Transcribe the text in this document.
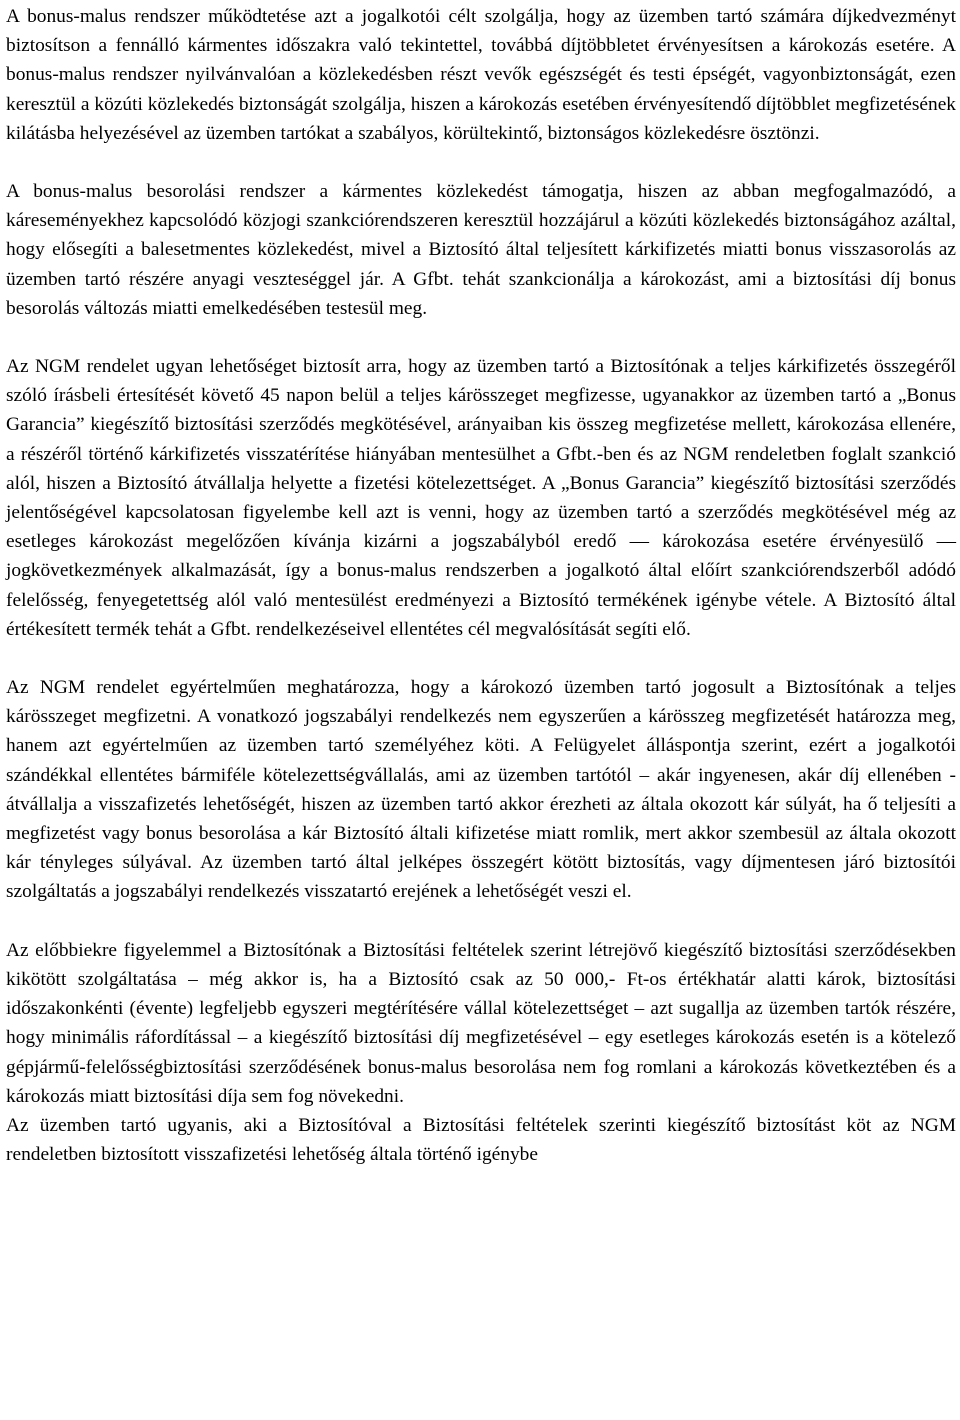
A bonus-malus rendszer működtetése azt a jogalkotói célt szolgálja, hogy az üzemben tartó számára díjkedvezményt biztosítson a fennálló kármentes időszakra való tekintettel, továbbá díjtöbbletet érvényesítsen a károkozás esetére. A bonus-malus rendszer nyilvánvalóan a közlekedésben részt vevők egészségét és testi épségét, vagyonbiztonságát, ezen keresztül a közúti közlekedés biztonságát szolgálja, hiszen a károkozás esetében érvényesítendő díjtöbblet megfizetésének kilátásba helyezésével az üzemben tartókat a szabályos, körültekintő, biztonságos közlekedésre ösztönzi.

A bonus-malus besorolási rendszer a kármentes közlekedést támogatja, hiszen az abban megfogalmazódó, a káreseményekhez kapcsolódó közjogi szankciórendszeren keresztül hozzájárul a közúti közlekedés biztonságához azáltal, hogy elősegíti a balesetmentes közlekedést, mivel a Biztosító által teljesített kárkifizetés miatti bonus visszasorolás az üzemben tartó részére anyagi veszteséggel jár. A Gfbt. tehát szankcionálja a károkozást, ami a biztosítási díj bonus besorolás változás miatti emelkedésében testesül meg.

Az NGM rendelet ugyan lehetőséget biztosít arra, hogy az üzemben tartó a Biztosítónak a teljes kárkifizetés összegéről szóló írásbeli értesítését követő 45 napon belül a teljes kárösszeget megfizesse, ugyanakkor az üzemben tartó a „Bonus Garancia” kiegészítő biztosítási szerződés megkötésével, arányaiban kis összeg megfizetése mellett, károkozása ellenére, a részéről történő kárkifizetés visszatérítése hiányában mentesülhet a Gfbt.-ben és az NGM rendeletben foglalt szankció alól, hiszen a Biztosító átvállalja helyette a fizetési kötelezettséget. A „Bonus Garancia” kiegészítő biztosítási szerződés jelentőségével kapcsolatosan figyelembe kell azt is venni, hogy az üzemben tartó a szerződés megkötésével még az esetleges károkozást megelőzően kívánja kizárni a jogszabályból eredő — károkozása esetére érvényesülő — jogkövetkezmények alkalmazását, így a bonus-malus rendszerben a jogalkotó által előírt szankciórendszerből adódó felelősség, fenyegetettség alól való mentesülést eredményezi a Biztosító termékének igénybe vétele. A Biztosító által értékesített termék tehát a Gfbt. rendelkezéseivel ellentétes cél megvalósítását segíti elő.

Az NGM rendelet egyértelműen meghatározza, hogy a károkozó üzemben tartó jogosult a Biztosítónak a teljes kárösszeget megfizetni. A vonatkozó jogszabályi rendelkezés nem egyszerűen a kárösszeg megfizetését határozza meg, hanem azt egyértelműen az üzemben tartó személyéhez köti. A Felügyelet álláspontja szerint, ezért a jogalkotói szándékkal ellentétes bármiféle kötelezettségvállalás, ami az üzemben tartótól – akár ingyenesen, akár díj ellenében - átvállalja a visszafizetés lehetőségét, hiszen az üzemben tartó akkor érezheti az általa okozott kár súlyát, ha ő teljesíti a megfizetést vagy bonus besorolása a kár Biztosító általi kifizetése miatt romlik, mert akkor szembesül az általa okozott kár tényleges súlyával. Az üzemben tartó által jelképes összegért kötött biztosítás, vagy díjmentesen járó biztosítói szolgáltatás a jogszabályi rendelkezés visszatartó erejének a lehetőségét veszi el.

Az előbbiekre figyelemmel a Biztosítónak a Biztosítási feltételek szerint létrejövő kiegészítő biztosítási szerződésekben kikötött szolgáltatása – még akkor is, ha a Biztosító csak az 50 000,- Ft-os értékhatár alatti károk, biztosítási időszakonkénti (évente) legfeljebb egyszeri megtérítésére vállal kötelezettséget – azt sugallja az üzemben tartók részére, hogy minimális ráfordítással – a kiegészítő biztosítási díj megfizetésével – egy esetleges károkozás esetén is a kötelező gépjármű-felelősségbiztosítási szerződésének bonus-malus besorolása nem fog romlani a károkozás következtében és a károkozás miatt biztosítási díja sem fog növekedni.

Az üzemben tartó ugyanis, aki a Biztosítóval a Biztosítási feltételek szerinti kiegészítő biztosítást köt az NGM rendeletben biztosított visszafizetési lehetőség általa történő igénybe
